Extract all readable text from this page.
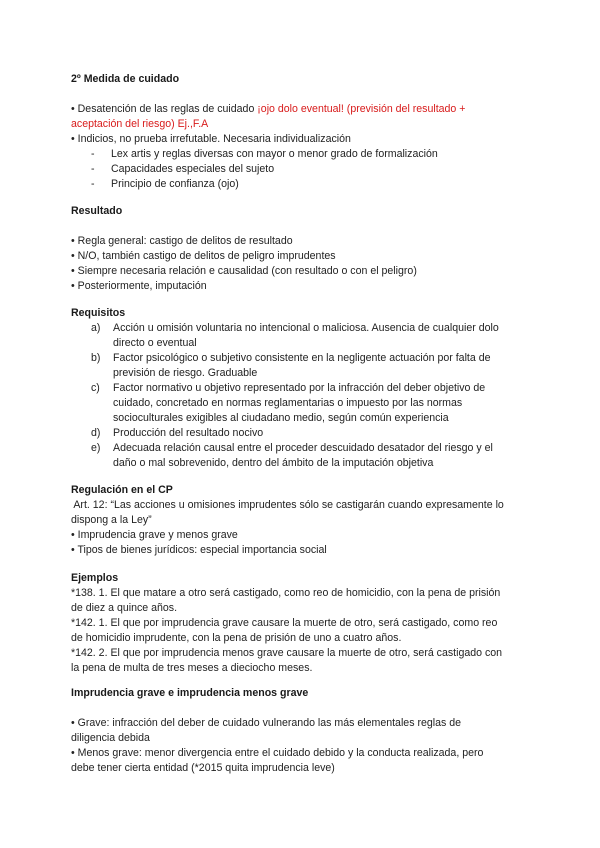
2º Medida de cuidado

• Desatención de las reglas de cuidado ¡ojo dolo eventual! (previsión del resultado +
aceptación del riesgo) Ej.,F.A
• Indicios, no prueba irrefutable. Necesaria individualización
- Lex artis y reglas diversas con mayor o menor grado de formalización
- Capacidades especiales del sujeto
- Principio de confianza (ojo)
Resultado

• Regla general: castigo de delitos de resultado
• N/O, también castigo de delitos de peligro imprudentes
• Siempre necesaria relación e causalidad (con resultado o con el peligro)
• Posteriormente, imputación
Requisitos
a) Acción u omisión voluntaria no intencional o maliciosa. Ausencia de cualquier dolo
directo o eventual
b) Factor psicológico o subjetivo consistente en la negligente actuación por falta de
previsión de riesgo. Graduable
c) Factor normativo u objetivo representado por la infracción del deber objetivo de
cuidado, concretado en normas reglamentarias o impuesto por las normas
socioculturales exigibles al ciudadano medio, según común experiencia
d) Producción del resultado nocivo
e) Adecuada relación causal entre el proceder descuidado desatador del riesgo y el
daño o mal sobrevenido, dentro del ámbito de la imputación objetiva
Regulación en el CP
Art. 12: “Las acciones u omisiones imprudentes sólo se castigarán cuando expresamente lo
dispong a la Ley”
• Imprudencia grave y menos grave
• Tipos de bienes jurídicos: especial importancia social
Ejemplos
*138. 1. El que matare a otro será castigado, como reo de homicidio, con la pena de prisión
de diez a quince años.
*142. 1. El que por imprudencia grave causare la muerte de otro, será castigado, como reo
de homicidio imprudente, con la pena de prisión de uno a cuatro años.
*142. 2. El que por imprudencia menos grave causare la muerte de otro, será castigado con
la pena de multa de tres meses a dieciocho meses.
Imprudencia grave e imprudencia menos grave

• Grave: infracción del deber de cuidado vulnerando las más elementales reglas de
diligencia debida
• Menos grave: menor divergencia entre el cuidado debido y la conducta realizada, pero
debe tener cierta entidad (*2015 quita imprudencia leve)
